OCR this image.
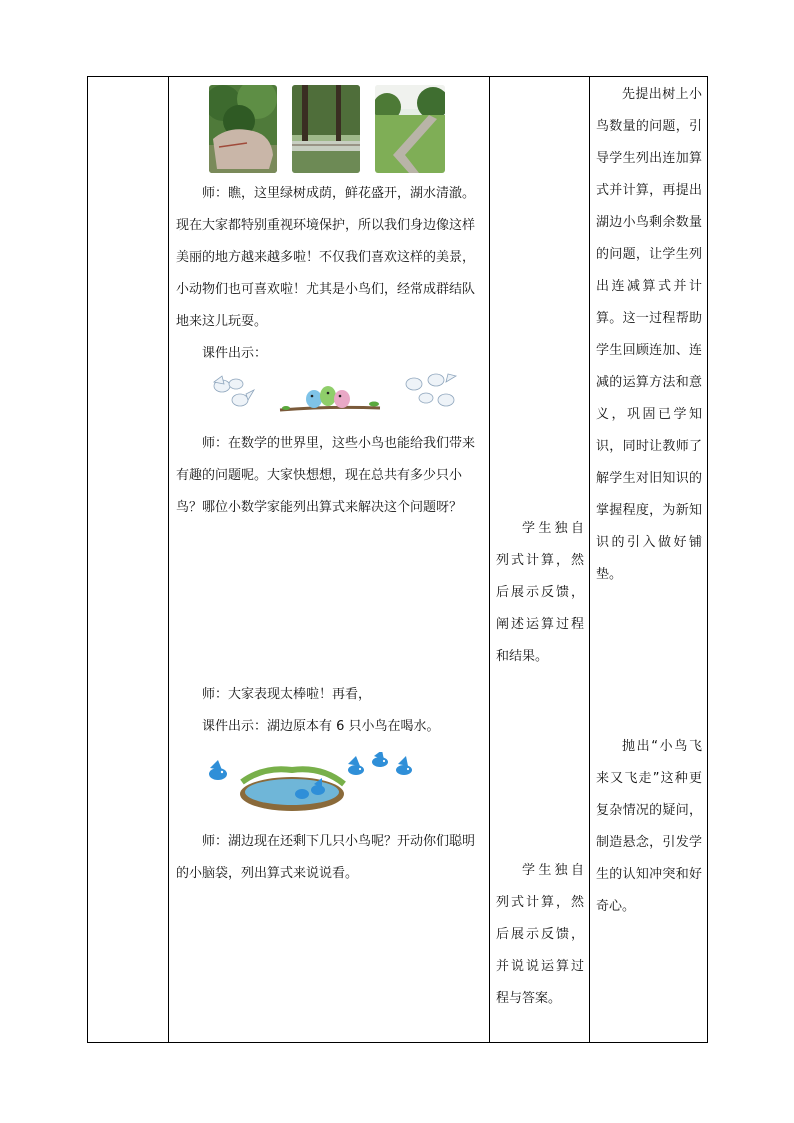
师：瞧，这里绿树成荫，鲜花盛开，湖水清澈。现在大家都特别重视环境保护，所以我们身边像这样美丽的地方越来越多啦！不仅我们喜欢这样的美景，小动物们也可喜欢啦！尤其是小鸟们，经常成群结队地来这儿玩耍。

课件出示：

师：在数学的世界里，这些小鸟也能给我们带来有趣的问题呢。大家快想想，现在总共有多少只小鸟？哪位小数学家能列出算式来解决这个问题呀？

师：大家表现太棒啦！再看，

课件出示：湖边原本有 6 只小鸟在喝水。

师：湖边现在还剩下几只小鸟呢？开动你们聪明的小脑袋，列出算式来说说看。

学生独自列式计算，然后展示反馈，阐述运算过程和结果。

学生独自列式计算，然后展示反馈，并说说运算过程与答案。

先提出树上小鸟数量的问题，引导学生列出连加算式并计算，再提出湖边小鸟剩余数量的问题，让学生列出连减算式并计算。这一过程帮助学生回顾连加、连减的运算方法和意义，巩固已学知识，同时让教师了解学生对旧知识的掌握程度，为新知识的引入做好铺垫。

抛出“小鸟飞来又飞走”这种更复杂情况的疑问，制造悬念，引发学生的认知冲突和好奇心。
